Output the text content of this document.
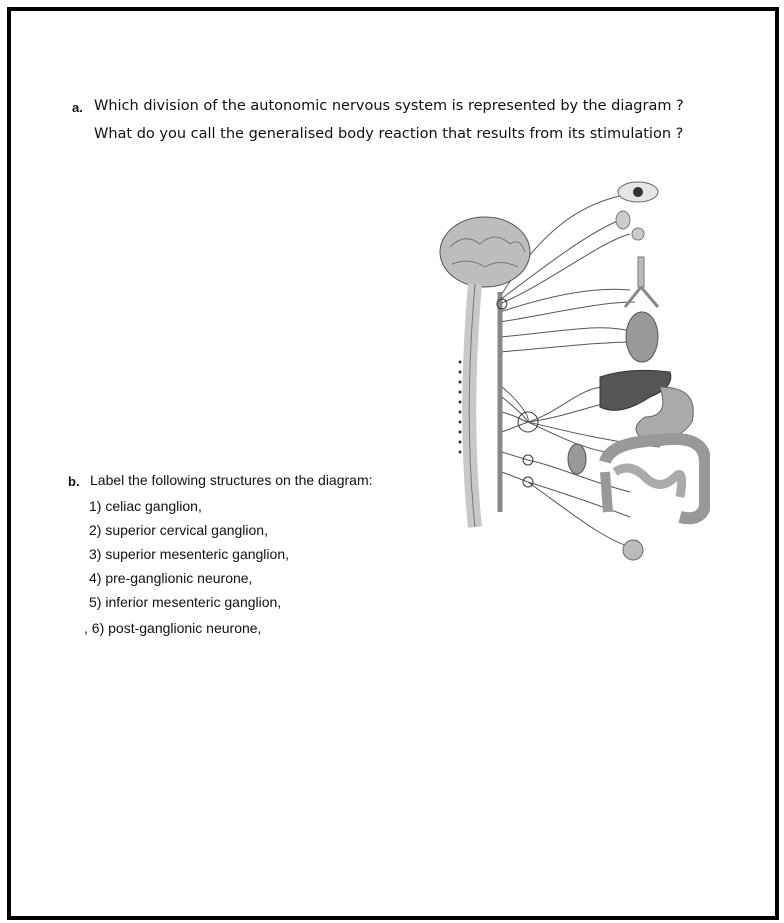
a. Which division of the autonomic nervous system is represented by the diagram ?
What do you call the generalised body reaction that results from its stimulation ?
b. Label the following structures on the diagram:
1) celiac ganglion,
2) superior cervical ganglion,
3) superior mesenteric ganglion,
4) pre-ganglionic neurone,
5) inferior mesenteric ganglion,
, 6) post-ganglionic neurone,
